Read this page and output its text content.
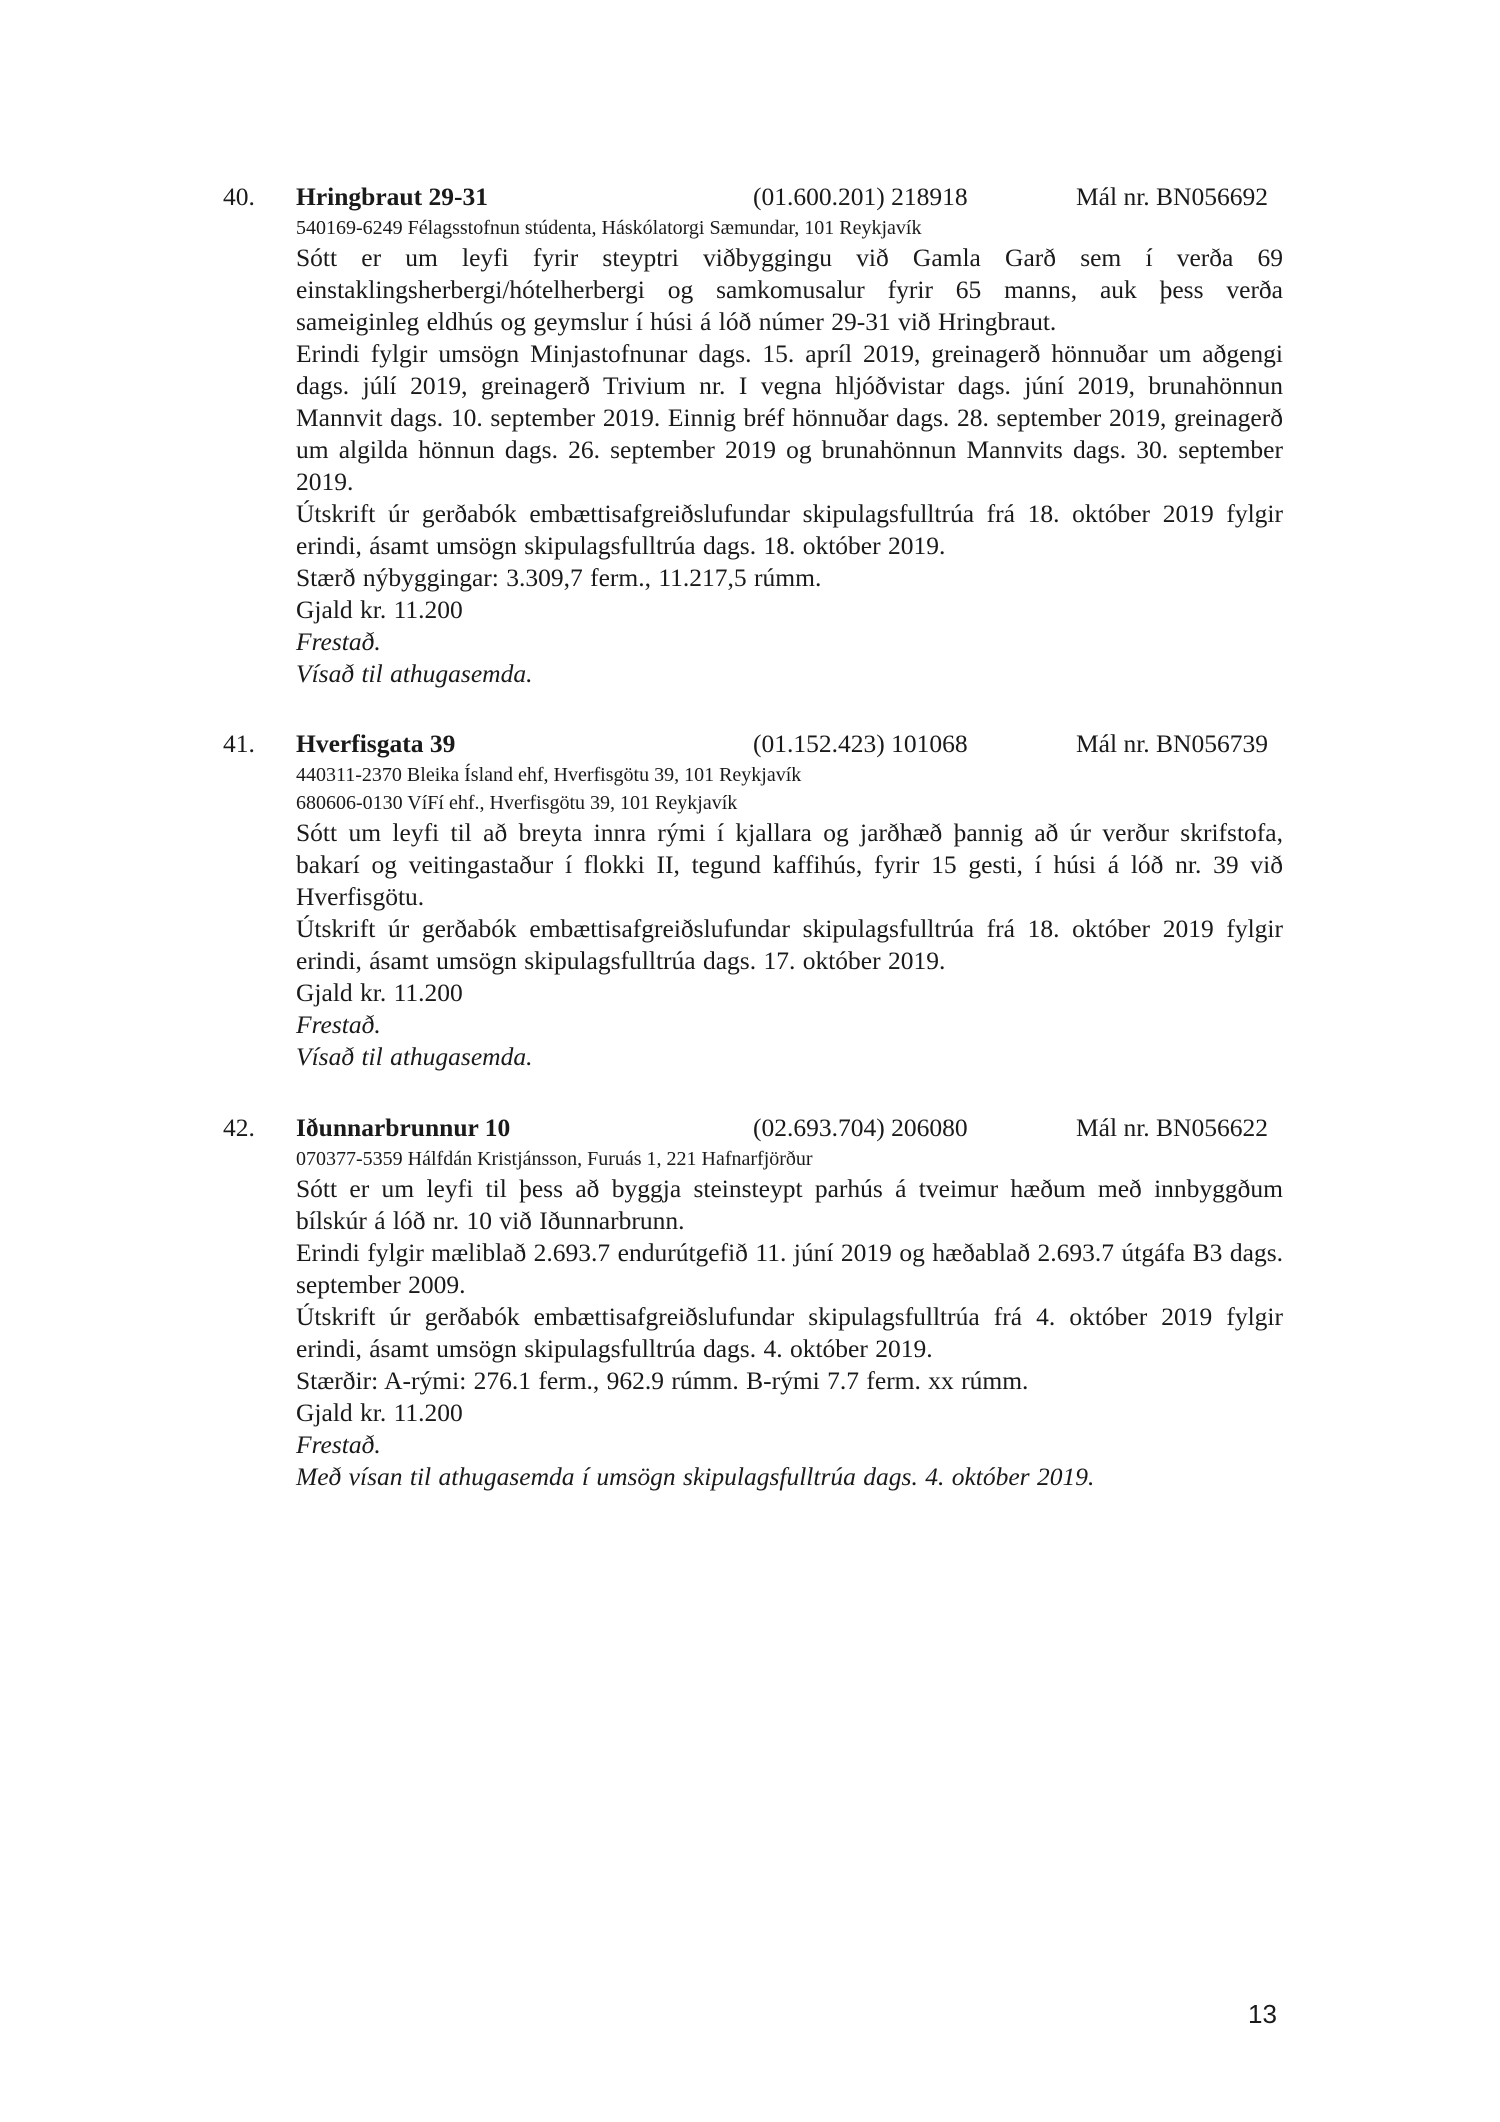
40. Hringbraut 29-31	(01.600.201) 218918	Mál nr. BN056692
540169-6249 Félagsstofnun stúdenta, Háskólatorgi Sæmundar, 101 Reykjavík
Sótt er um leyfi fyrir steyptri viðbyggingu við Gamla Garð sem í verða 69 einstaklingsherbergi/hótelherbergi og samkomusalur fyrir 65 manns, auk þess verða sameiginleg eldhús og geymslur í húsi á lóð númer 29-31 við Hringbraut.
Erindi fylgir umsögn Minjastofnunar dags. 15. apríl 2019, greinagerð hönnuðar um aðgengi dags. júlí 2019, greinagerð Trivium nr. I vegna hljóðvistar dags. júní 2019, brunahönnun Mannvit dags. 10. september 2019. Einnig bréf hönnuðar dags. 28. september 2019, greinagerð um algilda hönnun dags. 26. september 2019 og brunahönnun Mannvits dags. 30. september 2019.
Útskrift úr gerðabók embættisafgreiðslufundar skipulagsfulltrúa frá 18. október 2019 fylgir erindi, ásamt umsögn skipulagsfulltrúa dags. 18. október 2019.
Stærð nýbyggingar: 3.309,7 ferm., 11.217,5 rúmm.
Gjald kr. 11.200
Frestað.
Vísað til athugasemda.
41. Hverfisgata 39	(01.152.423) 101068	Mál nr. BN056739
440311-2370 Bleika Ísland ehf, Hverfisgötu 39, 101 Reykjavík
680606-0130 VíFí ehf., Hverfisgötu 39, 101 Reykjavík
Sótt um leyfi til að breyta innra rými í kjallara og jarðhæð þannig að úr verður skrifstofa, bakarí og veitingastaður í flokki II, tegund kaffihús, fyrir 15 gesti, í húsi á lóð nr. 39 við Hverfisgötu.
Útskrift úr gerðabók embættisafgreiðslufundar skipulagsfulltrúa frá 18. október 2019 fylgir erindi, ásamt umsögn skipulagsfulltrúa dags. 17. október 2019.
Gjald kr. 11.200
Frestað.
Vísað til athugasemda.
42. Iðunnarbrunnur 10	(02.693.704) 206080	Mál nr. BN056622
070377-5359 Hálfdán Kristjánsson, Furuás 1, 221 Hafnarfjörður
Sótt er um leyfi til þess að byggja steinsteypt parhús á tveimur hæðum með innbyggðum bílskúr á lóð nr. 10 við Iðunnarbrunn.
Erindi fylgir mæliblað 2.693.7 endurútgefið 11. júní 2019 og hæðablað 2.693.7 útgáfa B3 dags. september 2009.
Útskrift úr gerðabók embættisafgreiðslufundar skipulagsfulltrúa frá 4. október 2019 fylgir erindi, ásamt umsögn skipulagsfulltrúa dags. 4. október 2019.
Stærðir: A-rými: 276.1 ferm., 962.9 rúmm. B-rými 7.7 ferm. xx rúmm.
Gjald kr. 11.200
Frestað.
Með vísan til athugasemda í umsögn skipulagsfulltrúa dags. 4. október 2019.
13
